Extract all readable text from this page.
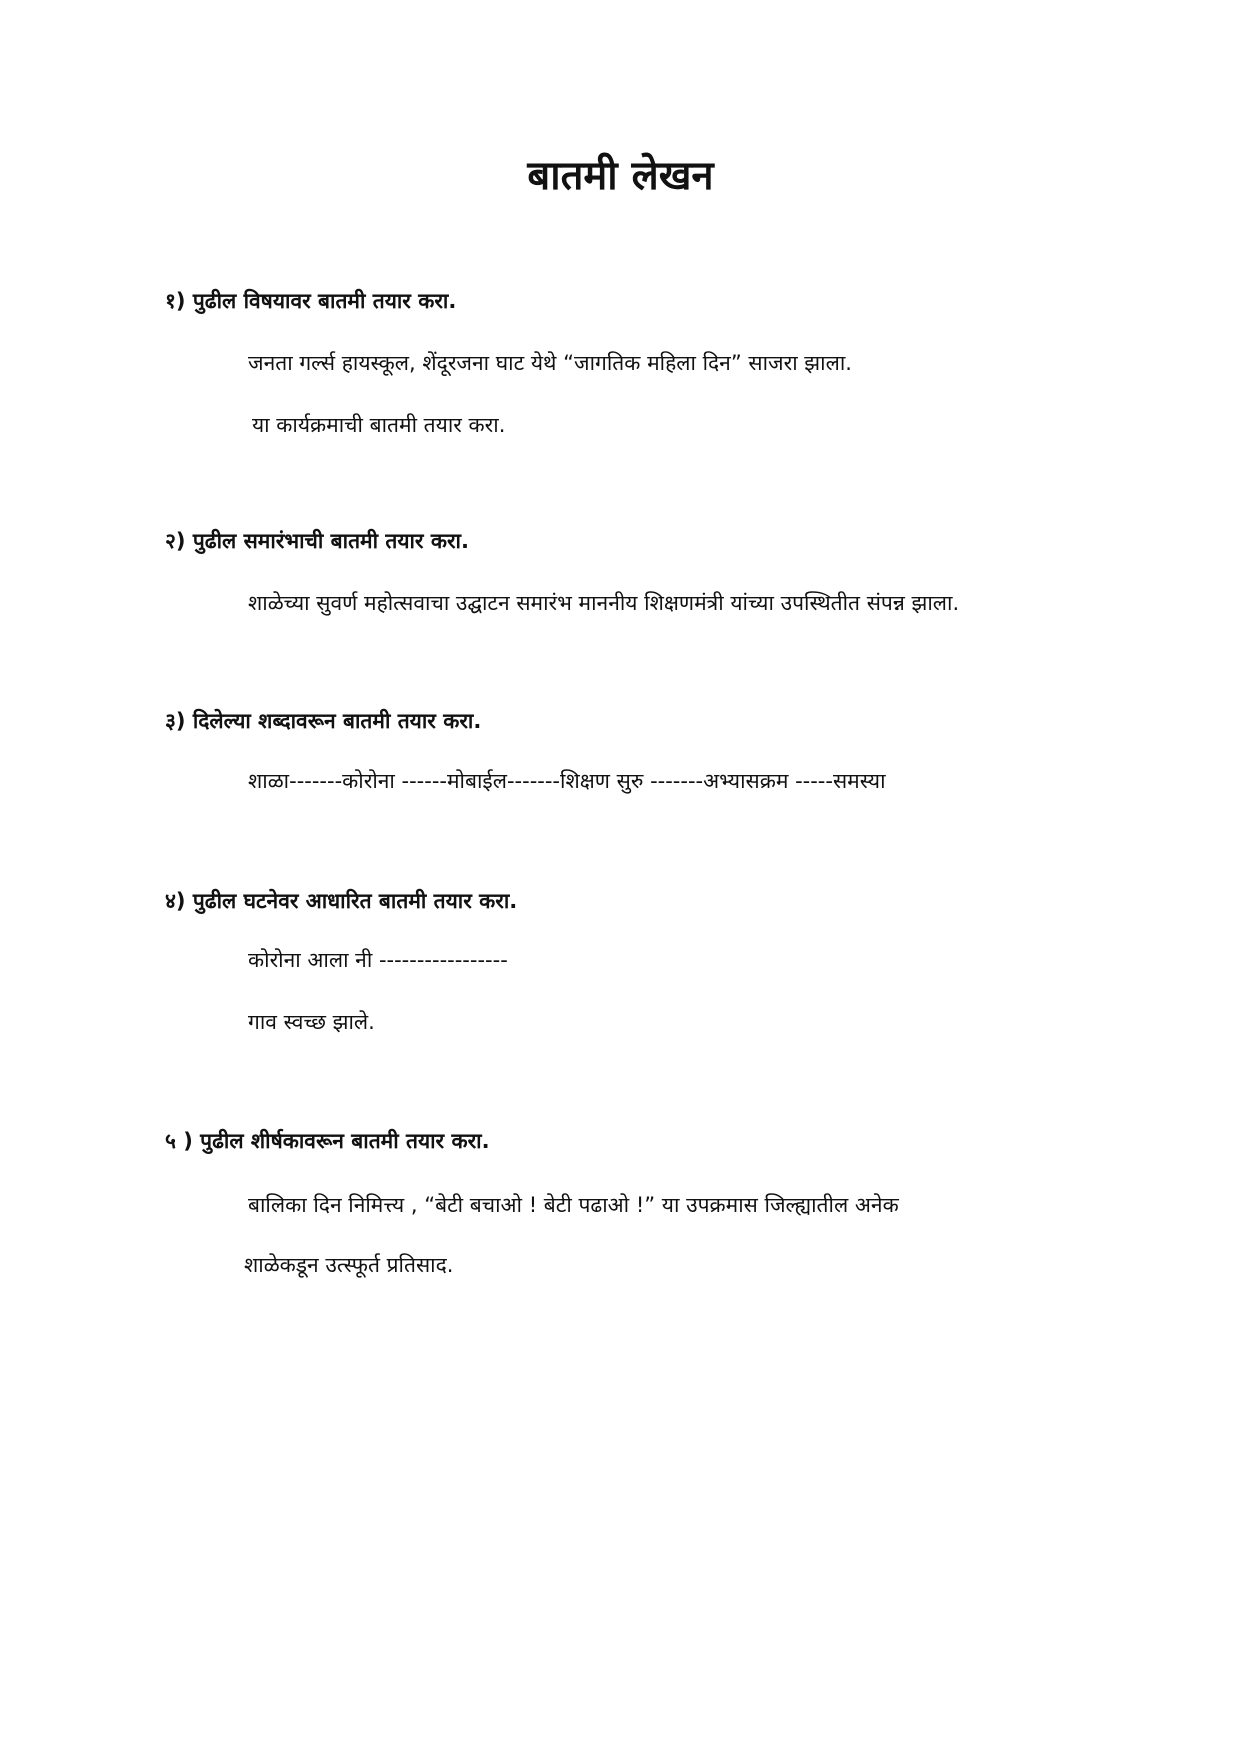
बातमी लेखन

१) पुढील विषयावर बातमी तयार करा.

जनता गर्ल्स हायस्कूल, शेंदूरजना घाट येथे “जागतिक महिला दिन” साजरा झाला.

या कार्यक्रमाची बातमी तयार करा.

२) पुढील समारंभाची बातमी तयार करा.

शाळेच्या सुवर्ण महोत्सवाचा उद्घाटन समारंभ माननीय शिक्षणमंत्री यांच्या उपस्थितीत संपन्न झाला.

३) दिलेल्या शब्दावरून बातमी तयार करा.

शाळा-------कोरोना ------मोबाईल-------शिक्षण सुरु -------अभ्यासक्रम -----समस्या

४) पुढील घटनेवर आधारित बातमी तयार करा.

कोरोना आला नी -----------------

गाव स्वच्छ झाले.

५ ) पुढील शीर्षकावरून बातमी तयार करा.

बालिका दिन निमित्त्य , “बेटी बचाओ ! बेटी पढाओ !” या उपक्रमास जिल्ह्यातील अनेक

शाळेकडून उत्स्फूर्त प्रतिसाद.
